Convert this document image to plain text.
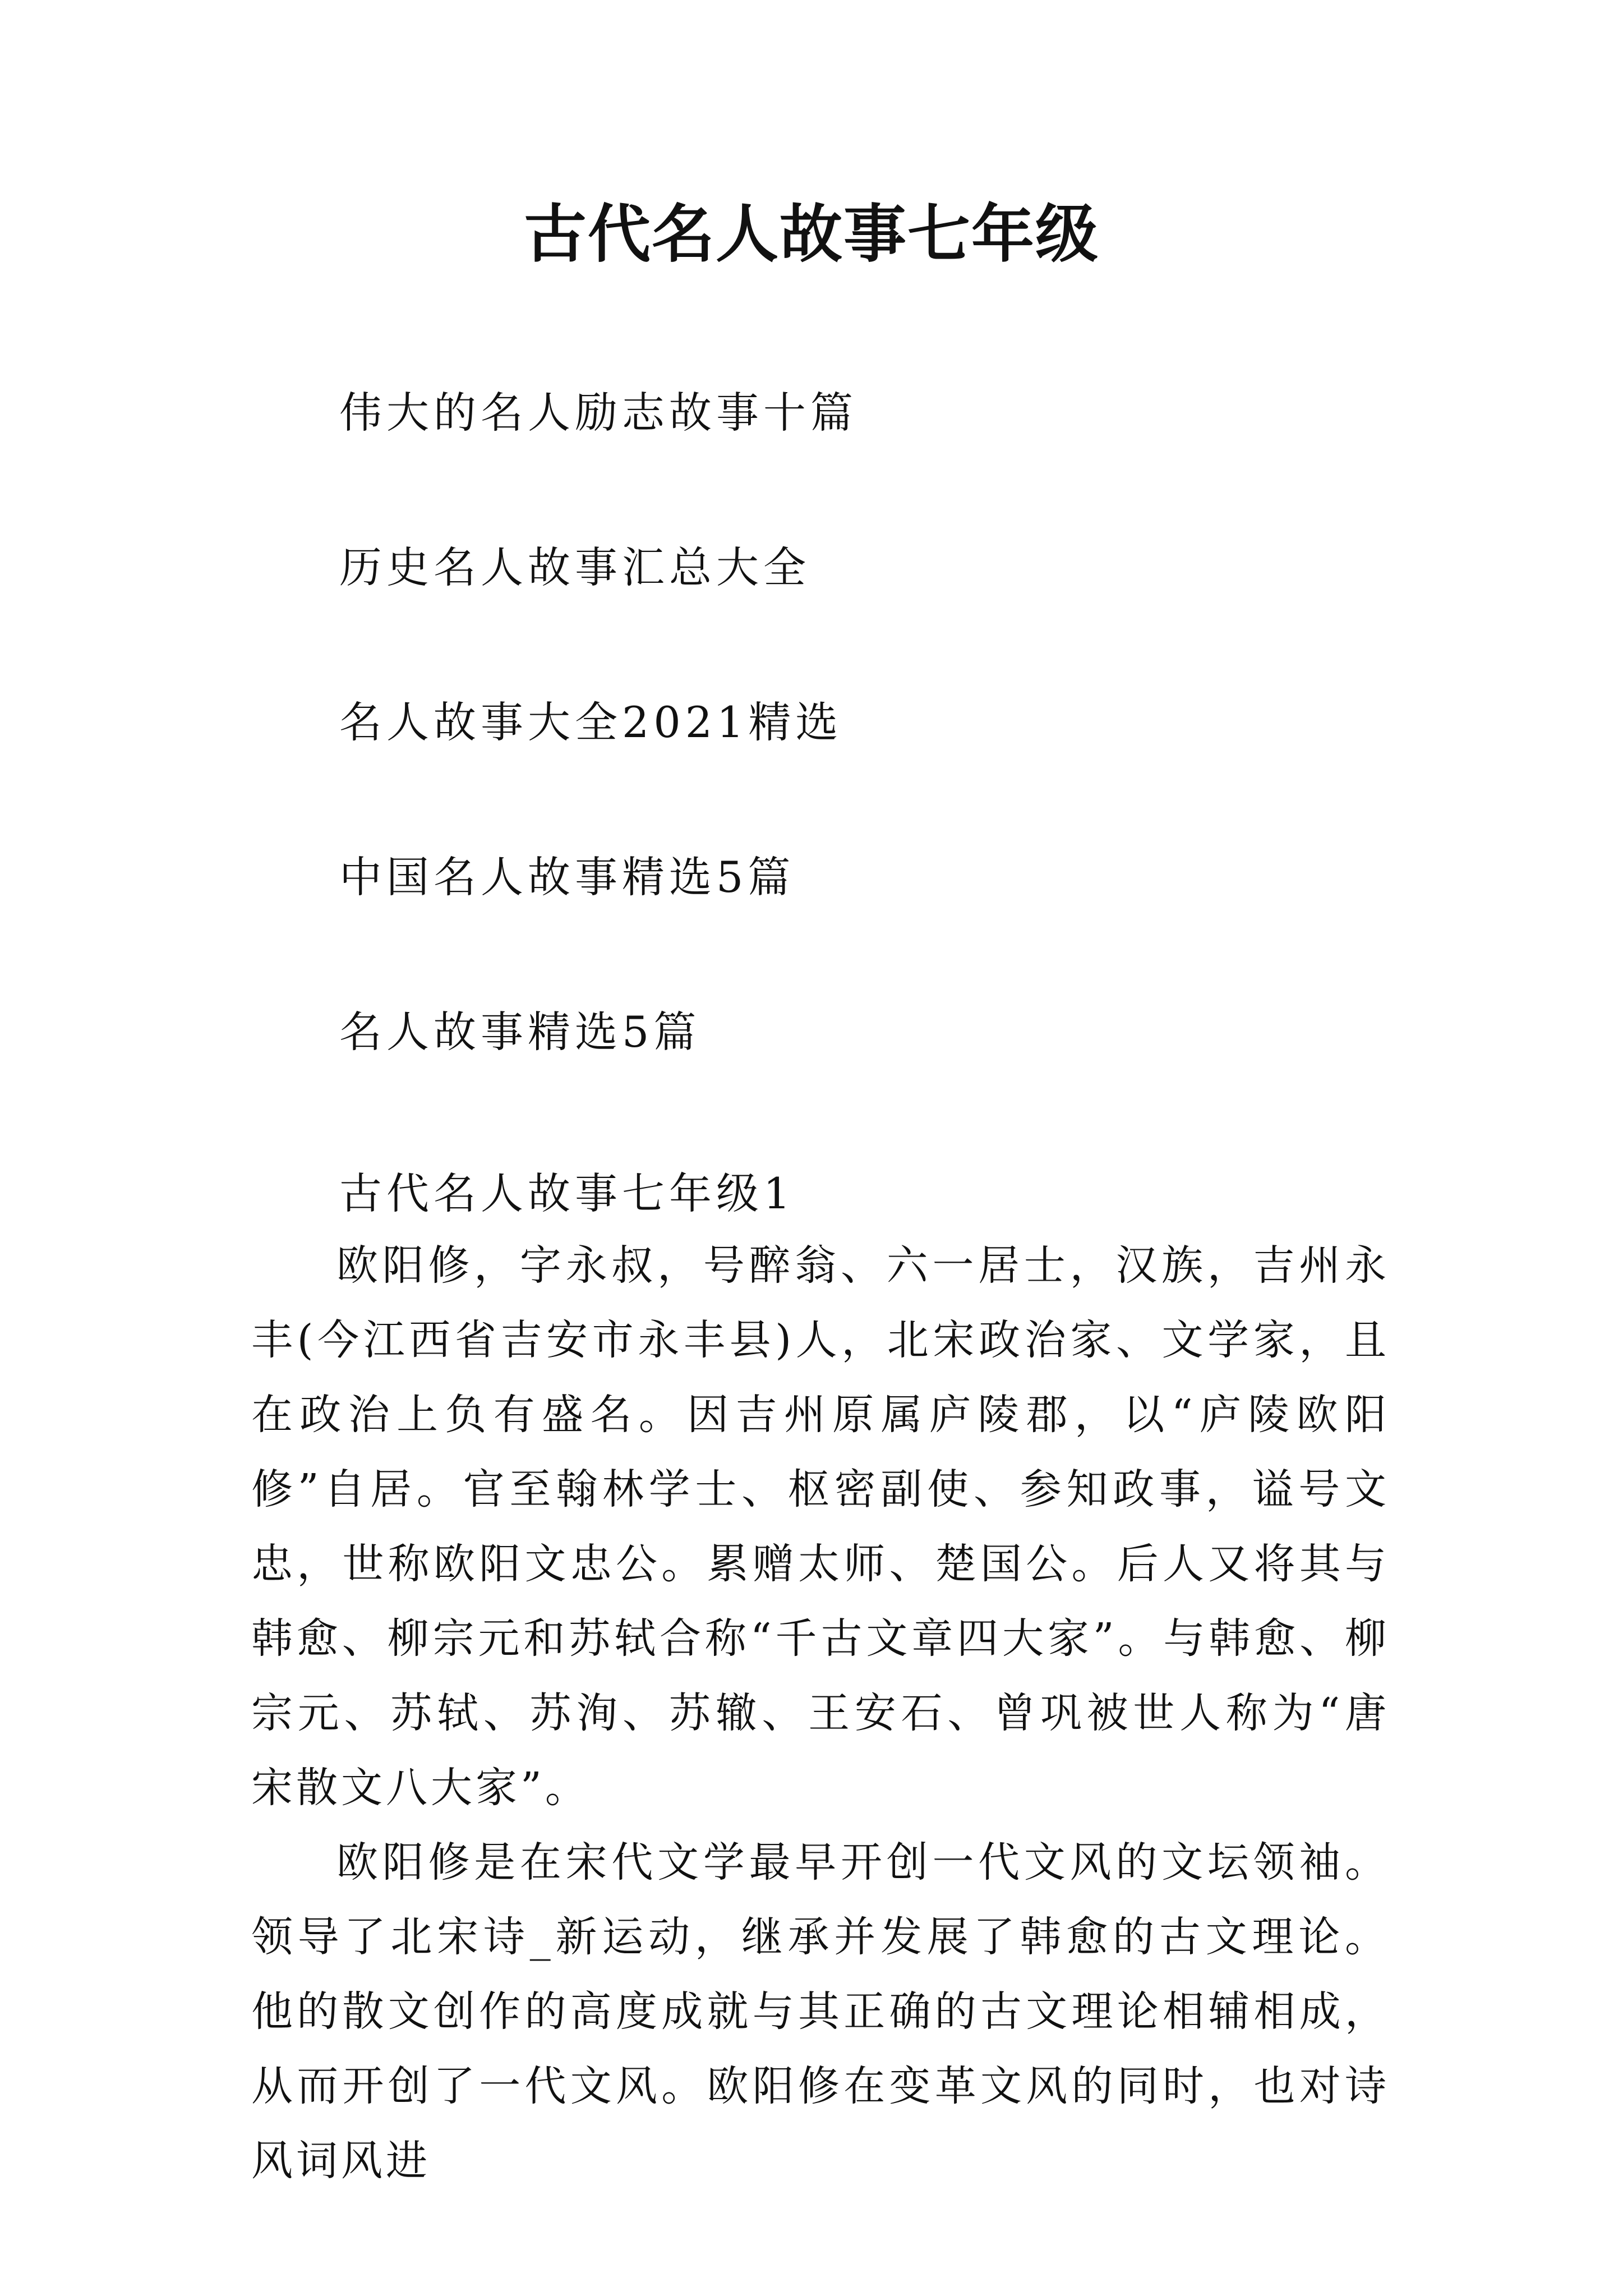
古代名人故事七年级
伟大的名人励志故事十篇
历史名人故事汇总大全
名人故事大全2021精选
中国名人故事精选5篇
名人故事精选5篇
古代名人故事七年级1

欧阳修，字永叔，号醉翁、六一居士，汉族，吉州永丰(今江西省吉安市永丰县)人，北宋政治家、文学家，且在政治上负有盛名。因吉州原属庐陵郡，以“庐陵欧阳修”自居。官至翰林学士、枢密副使、参知政事，谥号文忠，世称欧阳文忠公。累赠太师、楚国公。后人又将其与韩愈、柳宗元和苏轼合称“千古文章四大家”。与韩愈、柳宗元、苏轼、苏洵、苏辙、王安石、曾巩被世人称为“唐宋散文八大家”。

欧阳修是在宋代文学最早开创一代文风的文坛领袖。领导了北宋诗_新运动，继承并发展了韩愈的古文理论。他的散文创作的高度成就与其正确的古文理论相辅相成，从而开创了一代文风。欧阳修在变革文风的同时，也对诗风词风进
